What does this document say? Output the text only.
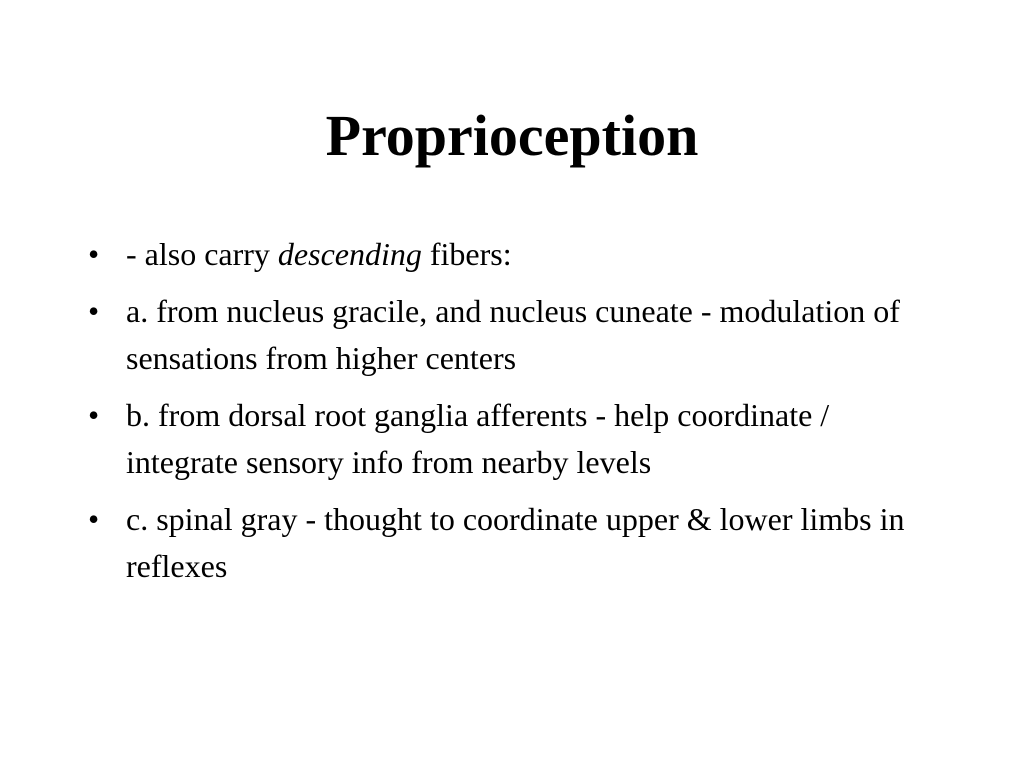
Proprioception
• - also carry descending fibers:
• a. from nucleus gracile, and nucleus cuneate - modulation of sensations from higher centers
• b. from dorsal root ganglia afferents - help coordinate / integrate sensory info from nearby levels
• c. spinal gray - thought to coordinate upper & lower limbs in reflexes
